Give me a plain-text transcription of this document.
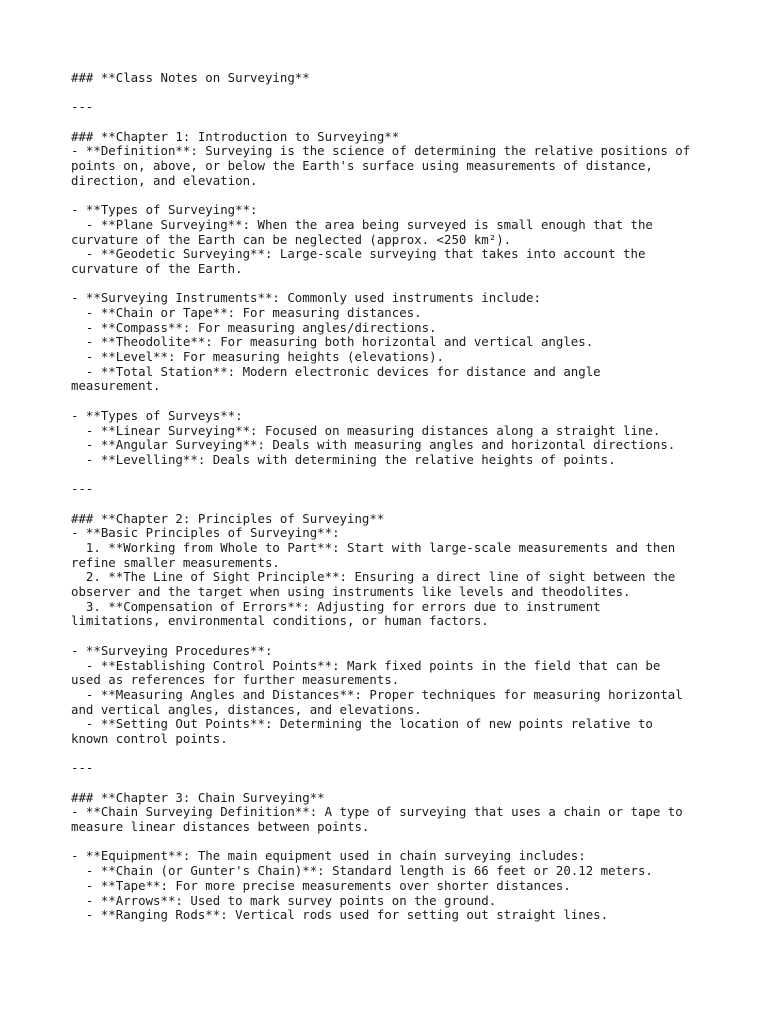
### **Class Notes on Surveying**
---
### **Chapter 1: Introduction to Surveying**
- **Definition**: Surveying is the science of determining the relative positions of
points on, above, or below the Earth's surface using measurements of distance,
direction, and elevation.
- **Types of Surveying**:
- **Plane Surveying**: When the area being surveyed is small enough that the
curvature of the Earth can be neglected (approx. <250 km²).
- **Geodetic Surveying**: Large-scale surveying that takes into account the
curvature of the Earth.
- **Surveying Instruments**: Commonly used instruments include:
- **Chain or Tape**: For measuring distances.
- **Compass**: For measuring angles/directions.
- **Theodolite**: For measuring both horizontal and vertical angles.
- **Level**: For measuring heights (elevations).
- **Total Station**: Modern electronic devices for distance and angle
measurement.
- **Types of Surveys**:
- **Linear Surveying**: Focused on measuring distances along a straight line.
- **Angular Surveying**: Deals with measuring angles and horizontal directions.
- **Levelling**: Deals with determining the relative heights of points.
---
### **Chapter 2: Principles of Surveying**
- **Basic Principles of Surveying**:
1. **Working from Whole to Part**: Start with large-scale measurements and then
refine smaller measurements.
2. **The Line of Sight Principle**: Ensuring a direct line of sight between the
observer and the target when using instruments like levels and theodolites.
3. **Compensation of Errors**: Adjusting for errors due to instrument
limitations, environmental conditions, or human factors.
- **Surveying Procedures**:
- **Establishing Control Points**: Mark fixed points in the field that can be
used as references for further measurements.
- **Measuring Angles and Distances**: Proper techniques for measuring horizontal
and vertical angles, distances, and elevations.
- **Setting Out Points**: Determining the location of new points relative to
known control points.
---
### **Chapter 3: Chain Surveying**
- **Chain Surveying Definition**: A type of surveying that uses a chain or tape to
measure linear distances between points.
- **Equipment**: The main equipment used in chain surveying includes:
- **Chain (or Gunter's Chain)**: Standard length is 66 feet or 20.12 meters.
- **Tape**: For more precise measurements over shorter distances.
- **Arrows**: Used to mark survey points on the ground.
- **Ranging Rods**: Vertical rods used for setting out straight lines.
